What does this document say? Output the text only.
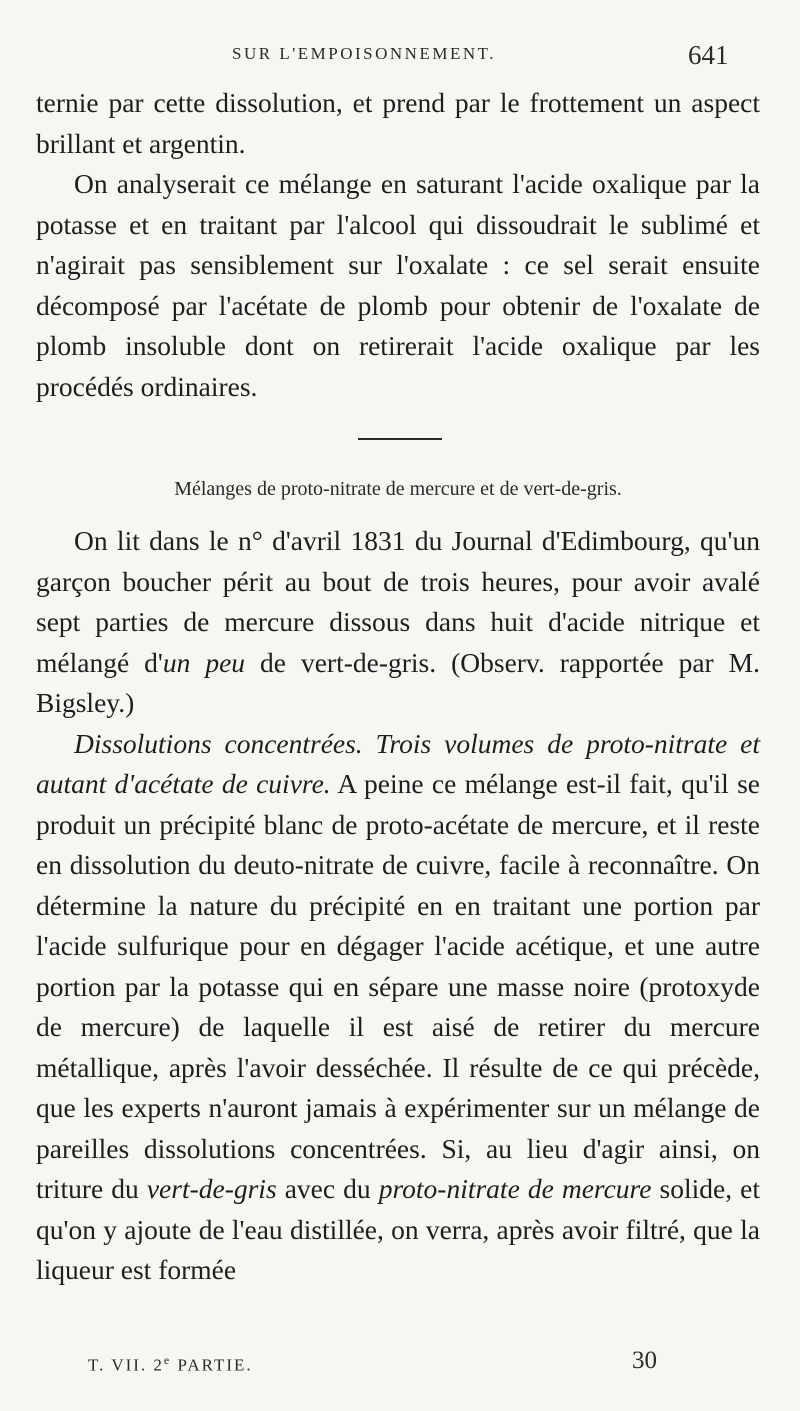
SUR L'EMPOISONNEMENT.	641

ternie par cette dissolution, et prend par le frottement un aspect brillant et argentin.

On analyserait ce mélange en saturant l'acide oxalique par la potasse et en traitant par l'alcool qui dissoudrait le sublimé et n'agirait pas sensiblement sur l'oxalate : ce sel serait ensuite décomposé par l'acétate de plomb pour obtenir de l'oxalate de plomb insoluble dont on retirerait l'acide oxalique par les procédés ordinaires.

Mélanges de proto-nitrate de mercure et de vert-de-gris.

On lit dans le n° d'avril 1831 du Journal d'Edimbourg, qu'un garçon boucher périt au bout de trois heures, pour avoir avalé sept parties de mercure dissous dans huit d'acide nitrique et mélangé d'un peu de vert-de-gris. (Observ. rapportée par M. Bigsley.)

Dissolutions concentrées. Trois volumes de proto-nitrate et autant d'acétate de cuivre. A peine ce mélange est-il fait, qu'il se produit un précipité blanc de proto-acétate de mercure, et il reste en dissolution du deuto-nitrate de cuivre, facile à reconnaître. On détermine la nature du précipité en en traitant une portion par l'acide sulfurique pour en dégager l'acide acétique, et une autre portion par la potasse qui en sépare une masse noire (protoxyde de mercure) de laquelle il est aisé de retirer du mercure métallique, après l'avoir desséchée. Il résulte de ce qui précède, que les experts n'auront jamais à expérimenter sur un mélange de pareilles dissolutions concentrées. Si, au lieu d'agir ainsi, on triture du vert-de-gris avec du proto-nitrate de mercure solide, et qu'on y ajoute de l'eau distillée, on verra, après avoir filtré, que la liqueur est formée

T. VII. 2e PARTIE.	30
